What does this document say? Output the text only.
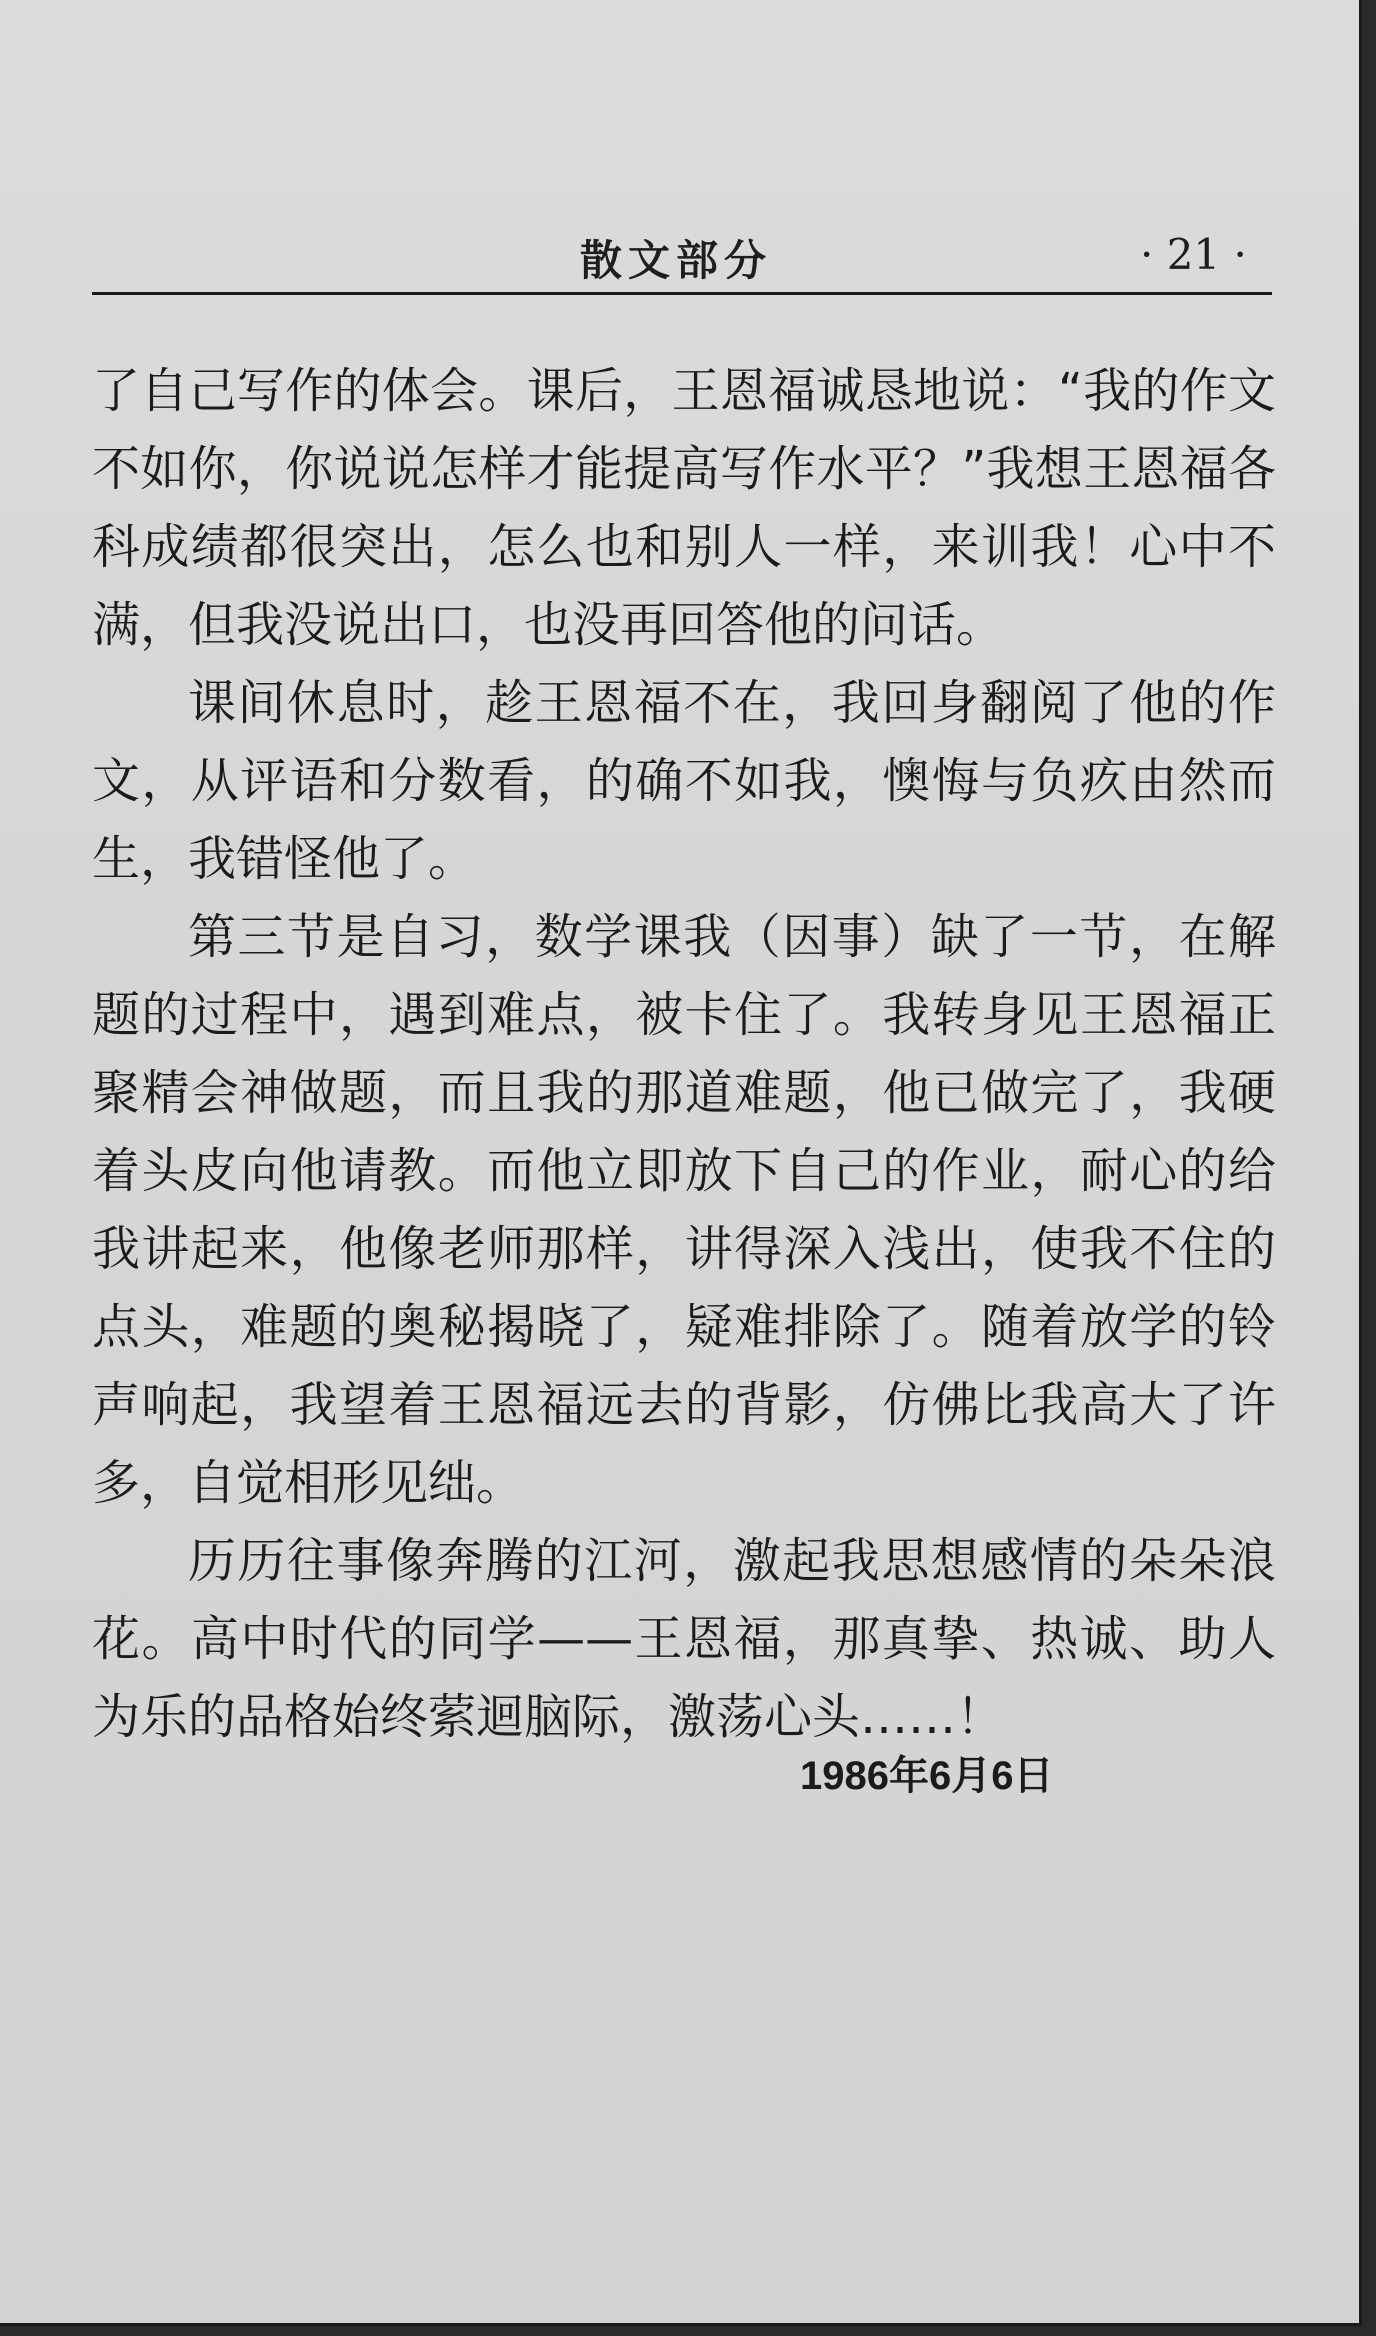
散文部分	· 21 ·

了自己写作的体会。课后，王恩福诚恳地说：“我的作文不如你，你说说怎样才能提高写作水平？”我想王恩福各科成绩都很突出，怎么也和别人一样，来训我！心中不满，但我没说出口，也没再回答他的问话。

课间休息时，趁王恩福不在，我回身翻阅了他的作文，从评语和分数看，的确不如我，懊悔与负疚由然而生，我错怪他了。

第三节是自习，数学课我（因事）缺了一节，在解题的过程中，遇到难点，被卡住了。我转身见王恩福正聚精会神做题，而且我的那道难题，他已做完了，我硬着头皮向他请教。而他立即放下自己的作业，耐心的给我讲起来，他像老师那样，讲得深入浅出，使我不住的点头，难题的奥秘揭晓了，疑难排除了。随着放学的铃声响起，我望着王恩福远去的背影，仿佛比我高大了许多，自觉相形见绌。

历历往事像奔腾的江河，激起我思想感情的朵朵浪花。高中时代的同学——王恩福，那真挚、热诚、助人为乐的品格始终萦迴脑际，激荡心头……！

1986年6月6日
